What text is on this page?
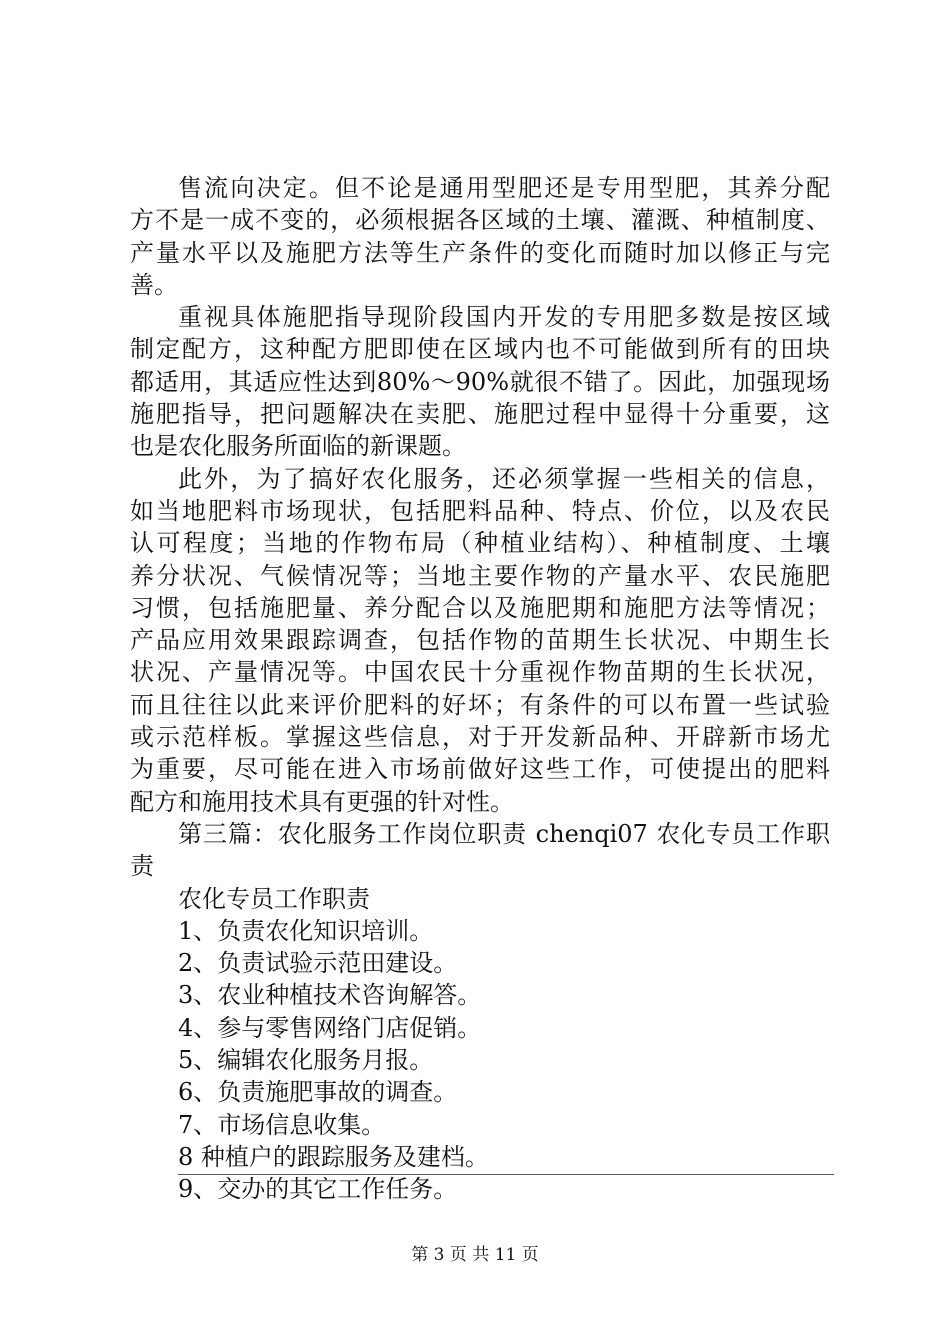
售流向决定。但不论是通用型肥还是专用型肥，其养分配
方不是一成不变的，必须根据各区域的土壤、灌溉、种植制度、
产量水平以及施肥方法等生产条件的变化而随时加以修正与完
善。
重视具体施肥指导现阶段国内开发的专用肥多数是按区域
制定配方，这种配方肥即使在区域内也不可能做到所有的田块
都适用，其适应性达到80%～90%就很不错了。因此，加强现场
施肥指导，把问题解决在卖肥、施肥过程中显得十分重要，这
也是农化服务所面临的新课题。
此外，为了搞好农化服务，还必须掌握一些相关的信息，
如当地肥料市场现状，包括肥料品种、特点、价位，以及农民
认可程度；当地的作物布局（种植业结构）、种植制度、土壤
养分状况、气候情况等；当地主要作物的产量水平、农民施肥
习惯，包括施肥量、养分配合以及施肥期和施肥方法等情况；
产品应用效果跟踪调查，包括作物的苗期生长状况、中期生长
状况、产量情况等。中国农民十分重视作物苗期的生长状况，
而且往往以此来评价肥料的好坏；有条件的可以布置一些试验
或示范样板。掌握这些信息，对于开发新品种、开辟新市场尤
为重要，尽可能在进入市场前做好这些工作，可使提出的肥料
配方和施用技术具有更强的针对性。
第三篇：农化服务工作岗位职责 chenqi07 农化专员工作职
责
农化专员工作职责
1、负责农化知识培训。
2、负责试验示范田建设。
3、农业种植技术咨询解答。
4、参与零售网络门店促销。
5、编辑农化服务月报。
6、负责施肥事故的调查。
7、市场信息收集。
8 种植户的跟踪服务及建档。
9、交办的其它工作任务。
第 3 页 共 11 页
